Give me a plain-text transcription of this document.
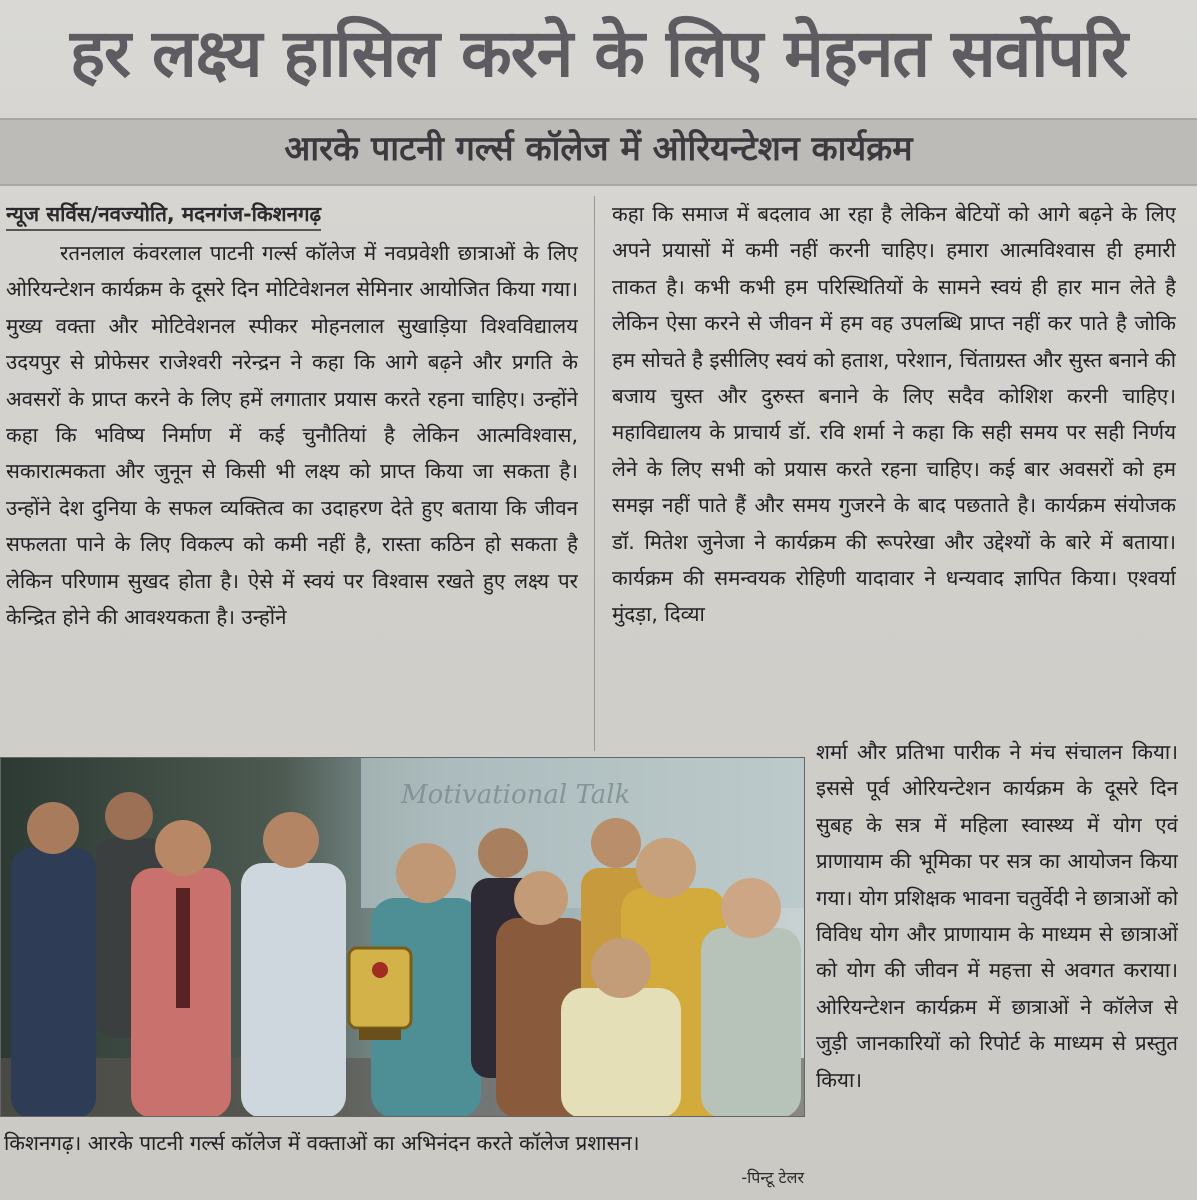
हर लक्ष्य हासिल करने के लिए मेहनत सर्वोपरि
आरके पाटनी गर्ल्स कॉलेज में ओरियन्टेशन कार्यक्रम
न्यूज सर्विस/नवज्योति, मदनगंज-किशनगढ़

रतनलाल कंवरलाल पाटनी गर्ल्स कॉलेज में नवप्रवेशी छात्राओं के लिए ओरियन्टेशन कार्यक्रम के दूसरे दिन मोटिवेशनल सेमिनार आयोजित किया गया। मुख्य वक्ता और मोटिवेशनल स्पीकर मोहनलाल सुखाड़िया विश्वविद्यालय उदयपुर से प्रोफेसर राजेश्वरी नरेन्द्रन ने कहा कि आगे बढ़ने और प्रगति के अवसरों के प्राप्त करने के लिए हमें लगातार प्रयास करते रहना चाहिए। उन्होंने कहा कि भविष्य निर्माण में कई चुनौतियां है लेकिन आत्मविश्वास, सकारात्मकता और जुनून से किसी भी लक्ष्य को प्राप्त किया जा सकता है। उन्होंने देश दुनिया के सफल व्यक्तित्व का उदाहरण देते हुए बताया कि जीवन सफलता पाने के लिए विकल्प को कमी नहीं है, रास्ता कठिन हो सकता है लेकिन परिणाम सुखद होता है। ऐसे में स्वयं पर विश्वास रखते हुए लक्ष्य पर केन्द्रित होने की आवश्यकता है। उन्होंने

कहा कि समाज में बदलाव आ रहा है लेकिन बेटियों को आगे बढ़ने के लिए अपने प्रयासों में कमी नहीं करनी चाहिए। हमारा आत्मविश्वास ही हमारी ताकत है। कभी कभी हम परिस्थितियों के सामने स्वयं ही हार मान लेते है लेकिन ऐसा करने से जीवन में हम वह उपलब्धि प्राप्त नहीं कर पाते है जोकि हम सोचते है इसीलिए स्वयं को हताश, परेशान, चिंताग्रस्त और सुस्त बनाने की बजाय चुस्त और दुरुस्त बनाने के लिए सदैव कोशिश करनी चाहिए। महाविद्यालय के प्राचार्य डॉ. रवि शर्मा ने कहा कि सही समय पर सही निर्णय लेने के लिए सभी को प्रयास करते रहना चाहिए। कई बार अवसरों को हम समझ नहीं पाते हैं और समय गुजरने के बाद पछताते है। कार्यक्रम संयोजक डॉ. मितेश जुनेजा ने कार्यक्रम की रूपरेखा और उद्देश्यों के बारे में बताया। कार्यक्रम की समन्वयक रोहिणी यादावार ने धन्यवाद ज्ञापित किया। एश्वर्या मुंदड़ा, दिव्या

शर्मा और प्रतिभा पारीक ने मंच संचालन किया। इससे पूर्व ओरियन्टेशन कार्यक्रम के दूसरे दिन सुबह के सत्र में महिला स्वास्थ्य में योग एवं प्राणायाम की भूमिका पर सत्र का आयोजन किया गया। योग प्रशिक्षक भावना चतुर्वेदी ने छात्राओं को विविध योग और प्राणायाम के माध्यम से छात्राओं को योग की जीवन में महत्ता से अवगत कराया। ओरियन्टेशन कार्यक्रम में छात्राओं ने कॉलेज से जुड़ी जानकारियों को रिपोर्ट के माध्यम से प्रस्तुत किया।

Motivational Talk
किशनगढ़। आरके पाटनी गर्ल्स कॉलेज में वक्ताओं का अभिनंदन करते कॉलेज प्रशासन।
-पिन्टू टेलर
